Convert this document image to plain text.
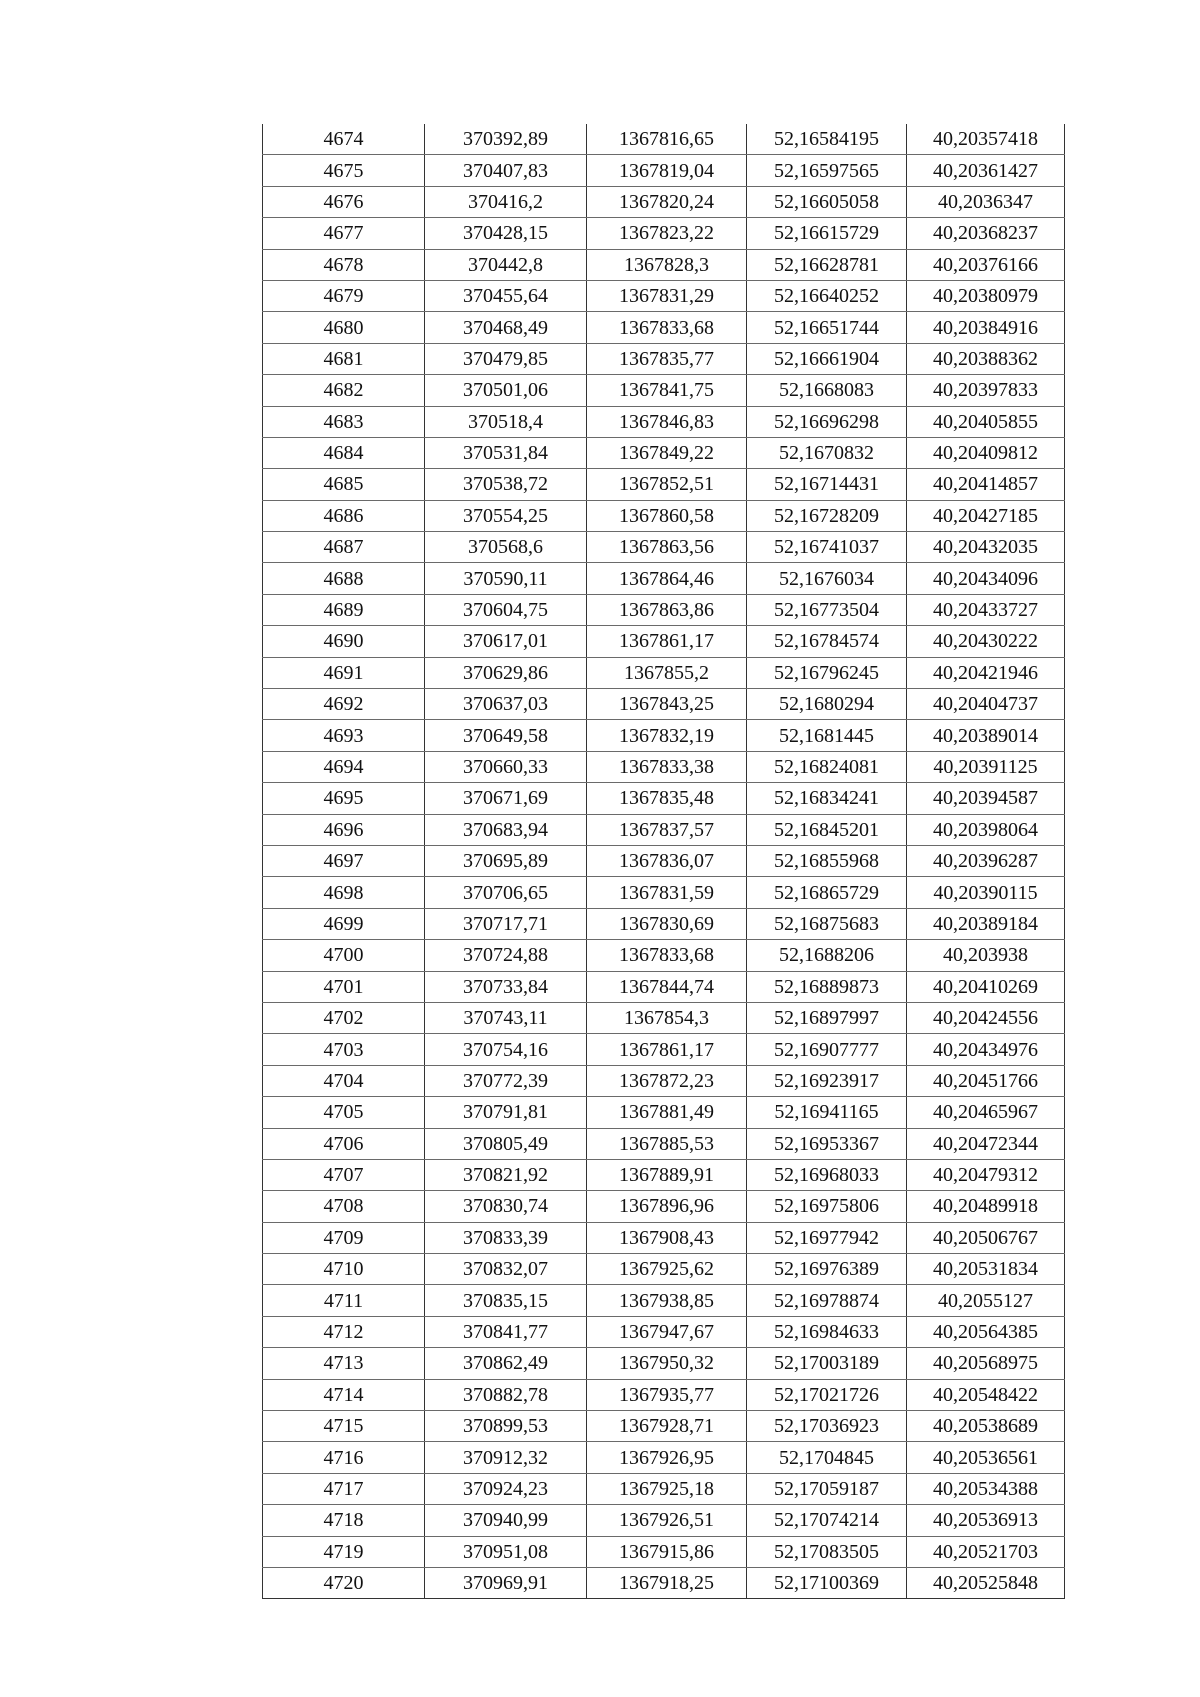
4674	370392,89	1367816,65	52,16584195	40,20357418
4675	370407,83	1367819,04	52,16597565	40,20361427
4676	370416,2	1367820,24	52,16605058	40,2036347
4677	370428,15	1367823,22	52,16615729	40,20368237
4678	370442,8	1367828,3	52,16628781	40,20376166
4679	370455,64	1367831,29	52,16640252	40,20380979
4680	370468,49	1367833,68	52,16651744	40,20384916
4681	370479,85	1367835,77	52,16661904	40,20388362
4682	370501,06	1367841,75	52,1668083	40,20397833
4683	370518,4	1367846,83	52,16696298	40,20405855
4684	370531,84	1367849,22	52,1670832	40,20409812
4685	370538,72	1367852,51	52,16714431	40,20414857
4686	370554,25	1367860,58	52,16728209	40,20427185
4687	370568,6	1367863,56	52,16741037	40,20432035
4688	370590,11	1367864,46	52,1676034	40,20434096
4689	370604,75	1367863,86	52,16773504	40,20433727
4690	370617,01	1367861,17	52,16784574	40,20430222
4691	370629,86	1367855,2	52,16796245	40,20421946
4692	370637,03	1367843,25	52,1680294	40,20404737
4693	370649,58	1367832,19	52,1681445	40,20389014
4694	370660,33	1367833,38	52,16824081	40,20391125
4695	370671,69	1367835,48	52,16834241	40,20394587
4696	370683,94	1367837,57	52,16845201	40,20398064
4697	370695,89	1367836,07	52,16855968	40,20396287
4698	370706,65	1367831,59	52,16865729	40,20390115
4699	370717,71	1367830,69	52,16875683	40,20389184
4700	370724,88	1367833,68	52,1688206	40,203938
4701	370733,84	1367844,74	52,16889873	40,20410269
4702	370743,11	1367854,3	52,16897997	40,20424556
4703	370754,16	1367861,17	52,16907777	40,20434976
4704	370772,39	1367872,23	52,16923917	40,20451766
4705	370791,81	1367881,49	52,16941165	40,20465967
4706	370805,49	1367885,53	52,16953367	40,20472344
4707	370821,92	1367889,91	52,16968033	40,20479312
4708	370830,74	1367896,96	52,16975806	40,20489918
4709	370833,39	1367908,43	52,16977942	40,20506767
4710	370832,07	1367925,62	52,16976389	40,20531834
4711	370835,15	1367938,85	52,16978874	40,2055127
4712	370841,77	1367947,67	52,16984633	40,20564385
4713	370862,49	1367950,32	52,17003189	40,20568975
4714	370882,78	1367935,77	52,17021726	40,20548422
4715	370899,53	1367928,71	52,17036923	40,20538689
4716	370912,32	1367926,95	52,1704845	40,20536561
4717	370924,23	1367925,18	52,17059187	40,20534388
4718	370940,99	1367926,51	52,17074214	40,20536913
4719	370951,08	1367915,86	52,17083505	40,20521703
4720	370969,91	1367918,25	52,17100369	40,20525848
